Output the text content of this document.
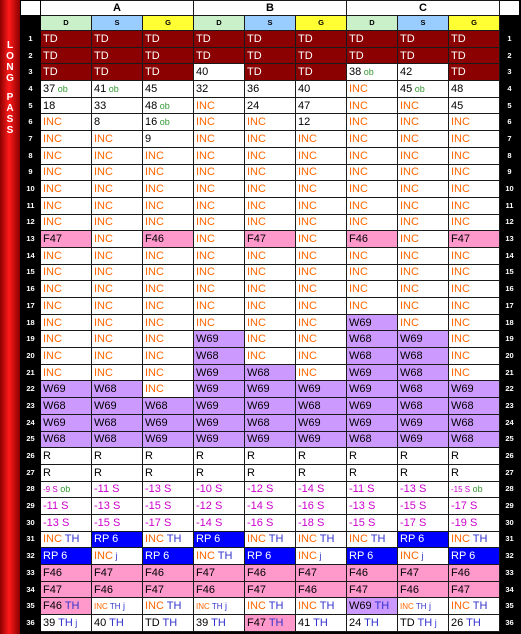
L
O
N
G
P
A
S
S
	A			B			C			
	D	S	G	D	S	G	D	S	G	
1	TD	TD	TD	TD	TD	TD	TD	TD	TD	1
2	TD	TD	TD	TD	TD	TD	TD	TD	TD	2
3	TD	TD	TD	40	TD	TD	38 ob	42	TD	3
4	37 ob	41 ob	45	32	36	40	INC	45 ob	48	4
5	18	33	48 ob	INC	24	47	INC	INC	45	5
6	INC	8	16 ob	INC	INC	12	INC	INC	INC	6
7	INC	INC	9	INC	INC	INC	INC	INC	INC	7
8	INC	INC	INC	INC	INC	INC	INC	INC	INC	8
9	INC	INC	INC	INC	INC	INC	INC	INC	INC	9
10	INC	INC	INC	INC	INC	INC	INC	INC	INC	10
11	INC	INC	INC	INC	INC	INC	INC	INC	INC	11
12	INC	INC	INC	INC	INC	INC	INC	INC	INC	12
13	F47	INC	F46	INC	F47	INC	F46	INC	F47	13
14	INC	INC	INC	INC	INC	INC	INC	INC	INC	14
15	INC	INC	INC	INC	INC	INC	INC	INC	INC	15
16	INC	INC	INC	INC	INC	INC	INC	INC	INC	16
17	INC	INC	INC	INC	INC	INC	INC	INC	INC	17
18	INC	INC	INC	INC	INC	INC	W69	INC	INC	18
19	INC	INC	INC	W69	INC	INC	W68	W69	INC	19
20	INC	INC	INC	W68	INC	INC	W68	W68	INC	20
21	INC	INC	INC	W69	W68	INC	W69	W68	INC	21
22	W69	W68	INC	W69	W69	W69	W69	W68	W69	22
23	W68	W69	W68	W69	W69	W68	W69	W68	W68	23
24	W69	W68	W69	W69	W68	W69	W69	W69	W68	24
25	W68	W68	W69	W69	W69	W69	W68	W69	W68	25
26	R	R	R	R	R	R	R	R	R	26
27	R	R	R	R	R	R	R	R	R	27
28	-9 S ob	-11 S	-13 S	-10 S	-12 S	-14 S	-11 S	-13 S	-15 S ob	28
29	-11 S	-13 S	-15 S	-12 S	-14 S	-16 S	-13 S	-15 S	-17 S	29
30	-13 S	-15 S	-17 S	-14 S	-16 S	-18 S	-15 S	-17 S	-19 S	30
31	INC TH	RP 6	INC TH	RP 6	INC TH	INC TH	INC TH	RP 6	INC TH	31
32	RP 6	INC j	RP 6	INC TH	RP 6	INC j	RP 6	INC j	RP 6	32
33	F46	F47	F46	F47	F46	F47	F46	F47	F46	33
34	F47	F46	F47	F46	F47	F46	F47	F46	F47	34
35	F46 TH	INC TH j	INC TH	INC TH j	INC TH	INC TH	W69 TH	INC TH j	INC TH	35
36	39 TH j	40 TH	TD TH	39 TH	F47 TH	41 TH	24 TH	TD TH j	26 TH	36
